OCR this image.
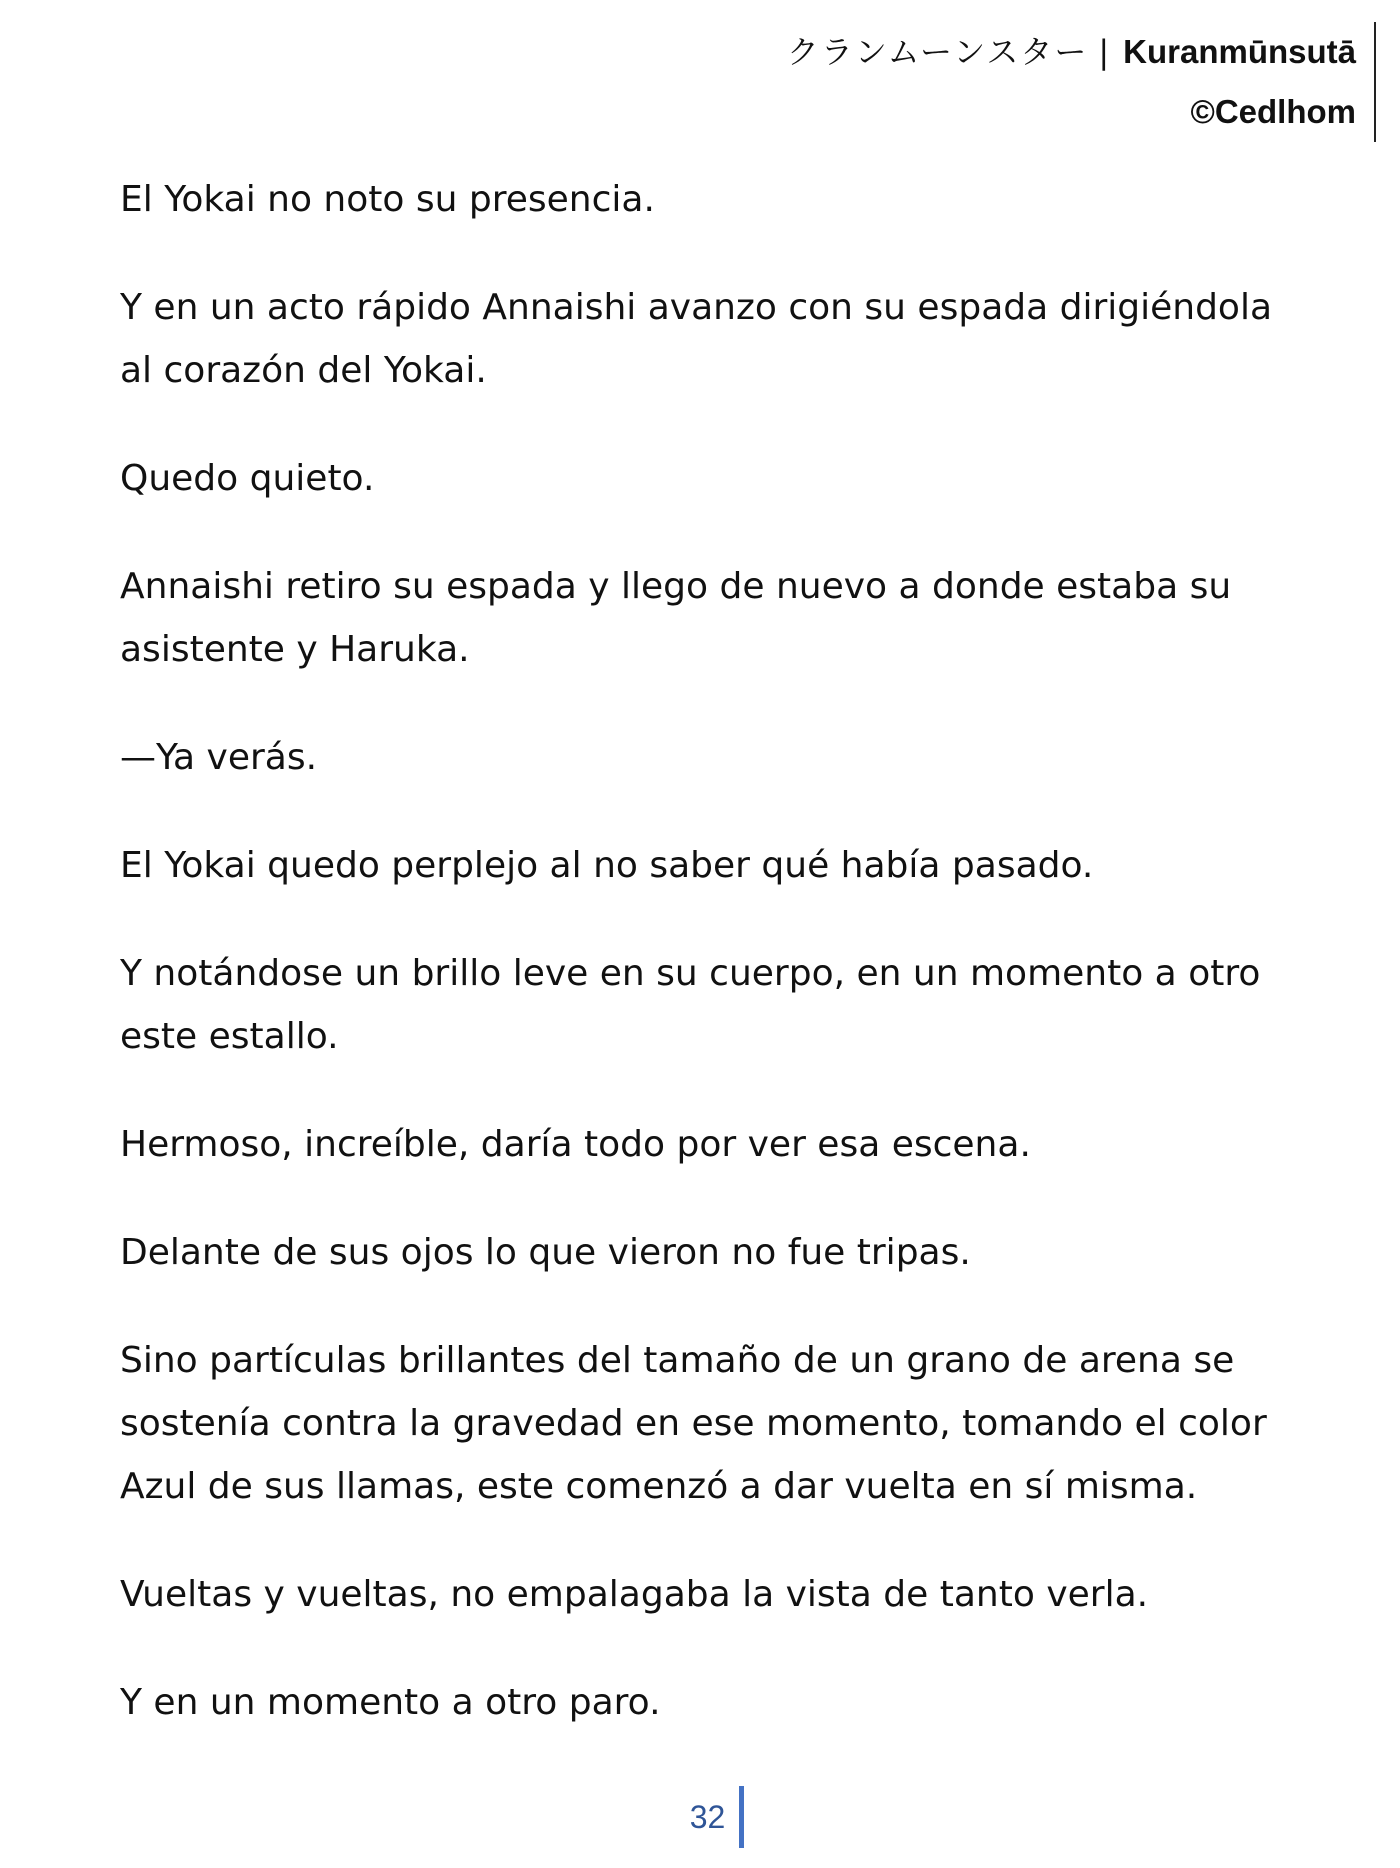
クランムーンスター | Kuranmūnsutā
©Cedlhom

El Yokai no noto su presencia.

Y en un acto rápido Annaishi avanzo con su espada dirigiéndola al corazón del Yokai.

Quedo quieto.

Annaishi retiro su espada y llego de nuevo a donde estaba su asistente y Haruka.

—Ya verás.

El Yokai quedo perplejo al no saber qué había pasado.

Y notándose un brillo leve en su cuerpo, en un momento a otro este estallo.

Hermoso, increíble, daría todo por ver esa escena.

Delante de sus ojos lo que vieron no fue tripas.

Sino partículas brillantes del tamaño de un grano de arena se sostenía contra la gravedad en ese momento, tomando el color Azul de sus llamas, este comenzó a dar vuelta en sí misma.

Vueltas y vueltas, no empalagaba la vista de tanto verla.

Y en un momento a otro paro.

32
